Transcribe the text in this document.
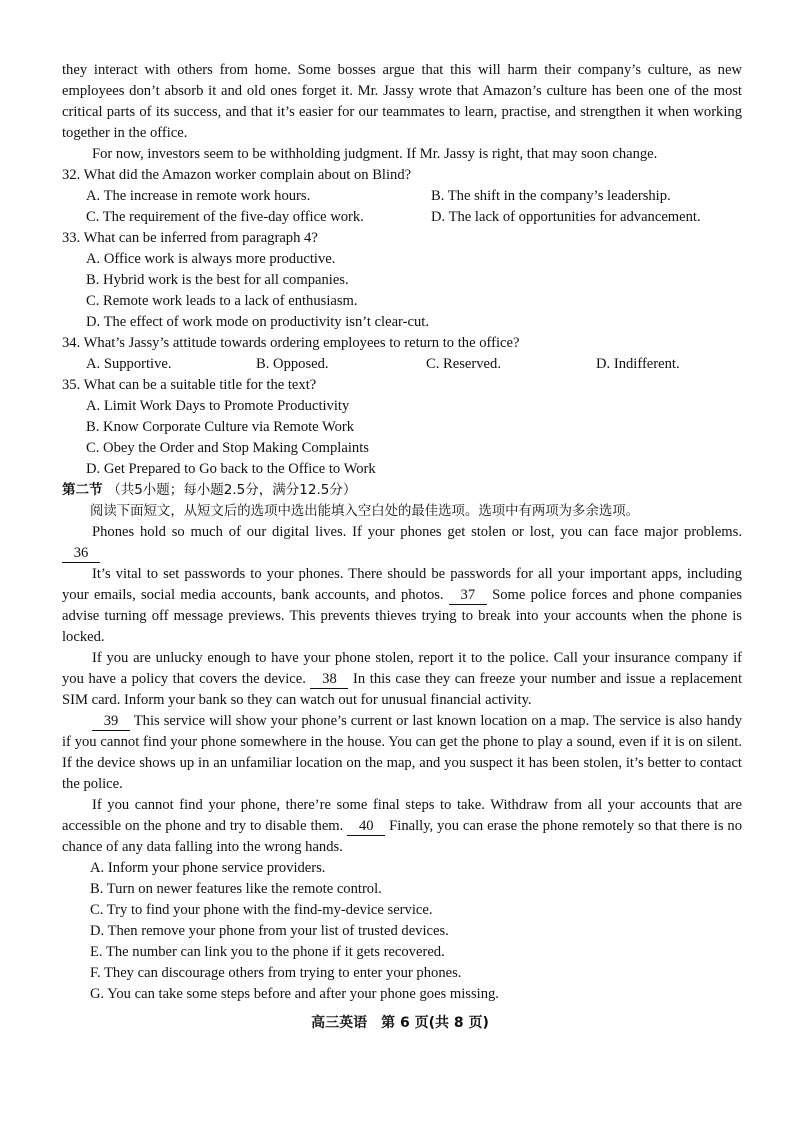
they interact with others from home. Some bosses argue that this will harm their company’s culture, as new employees don’t absorb it and old ones forget it. Mr. Jassy wrote that Amazon’s culture has been one of the most critical parts of its success, and that it’s easier for our teammates to learn, practise, and strengthen it when working together in the office.

For now, investors seem to be withholding judgment. If Mr. Jassy is right, that may soon change.

32. What did the Amazon worker complain about on Blind?

A. The increase in remote work hours.	B. The shift in the company’s leadership.
C. The requirement of the five-day office work.	D. The lack of opportunities for advancement.

33. What can be inferred from paragraph 4?

A. Office work is always more productive.

B. Hybrid work is the best for all companies.

C. Remote work leads to a lack of enthusiasm.

D. The effect of work mode on productivity isn’t clear-cut.

34. What’s Jassy’s attitude towards ordering employees to return to the office?

A. Supportive.	B. Opposed.	C. Reserved.	D. Indifferent.

35. What can be a suitable title for the text?

A. Limit Work Days to Promote Productivity

B. Know Corporate Culture via Remote Work

C. Obey the Order and Stop Making Complaints

D. Get Prepared to Go back to the Office to Work

第二节 （共5小题；每小题2.5分，满分12.5分）

阅读下面短文，从短文后的选项中选出能填入空白处的最佳选项。选项中有两项为多余选项。

Phones hold so much of our digital lives. If your phones get stolen or lost, you can face major problems. 36

It’s vital to set passwords to your phones. There should be passwords for all your important apps, including your emails, social media accounts, bank accounts, and photos. 37 Some police forces and phone companies advise turning off message previews. This prevents thieves trying to break into your accounts when the phone is locked.

If you are unlucky enough to have your phone stolen, report it to the police. Call your insurance company if you have a policy that covers the device. 38 In this case they can freeze your number and issue a replacement SIM card. Inform your bank so they can watch out for unusual financial activity.

39 This service will show your phone’s current or last known location on a map. The service is also handy if you cannot find your phone somewhere in the house. You can get the phone to play a sound, even if it is on silent. If the device shows up in an unfamiliar location on the map, and you suspect it has been stolen, it’s better to contact the police.

If you cannot find your phone, there’re some final steps to take. Withdraw from all your accounts that are accessible on the phone and try to disable them. 40 Finally, you can erase the phone remotely so that there is no chance of any data falling into the wrong hands.

A. Inform your phone service providers.

B. Turn on newer features like the remote control.

C. Try to find your phone with the find-my-device service.

D. Then remove your phone from your list of trusted devices.

E. The number can link you to the phone if it gets recovered.

F. They can discourage others from trying to enter your phones.

G. You can take some steps before and after your phone goes missing.

高三英语　第 6 页(共 8 页)
